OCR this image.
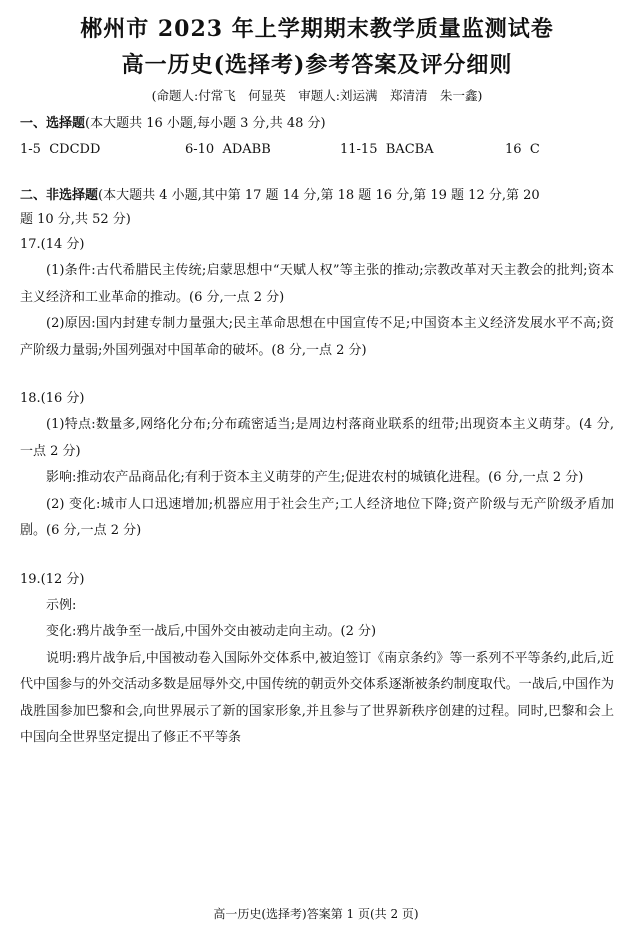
郴州市 2023 年上学期期末教学质量监测试卷
高一历史(选择考)参考答案及评分细则
(命题人:付常飞　何显英　审题人:刘运满　郑清清　朱一鑫)
一、选择题(本大题共 16 小题,每小题 3 分,共 48 分)
1-5 CDCDD	6-10 ADABB	11-15 BACBA	16 C
二、非选择题(本大题共 4 小题,其中第 17 题 14 分,第 18 题 16 分,第 19 题 12 分,第 20
题 10 分,共 52 分)
17.(14 分)
(1)条件:古代希腊民主传统;启蒙思想中“天赋人权”等主张的推动;宗教改革对天主教会的批判;资本主义经济和工业革命的推动。(6 分,一点 2 分)
(2)原因:国内封建专制力量强大;民主革命思想在中国宣传不足;中国资本主义经济发展水平不高;资产阶级力量弱;外国列强对中国革命的破坏。(8 分,一点 2 分)
18.(16 分)
(1)特点:数量多,网络化分布;分布疏密适当;是周边村落商业联系的纽带;出现资本主义萌芽。(4 分,一点 2 分)
影响:推动农产品商品化;有利于资本主义萌芽的产生;促进农村的城镇化进程。(6 分,一点 2 分)
(2) 变化:城市人口迅速增加;机器应用于社会生产;工人经济地位下降;资产阶级与无产阶级矛盾加剧。(6 分,一点 2 分)
19.(12 分)
示例:
变化:鸦片战争至一战后,中国外交由被动走向主动。(2 分)
说明:鸦片战争后,中国被动卷入国际外交体系中,被迫签订《南京条约》等一系列不平等条约,此后,近代中国参与的外交活动多数是屈辱外交,中国传统的朝贡外交体系逐渐被条约制度取代。一战后,中国作为战胜国参加巴黎和会,向世界展示了新的国家形象,并且参与了世界新秩序创建的过程。同时,巴黎和会上中国向全世界坚定提出了修正不平等条
高一历史(选择考)答案第 1 页(共 2 页)
